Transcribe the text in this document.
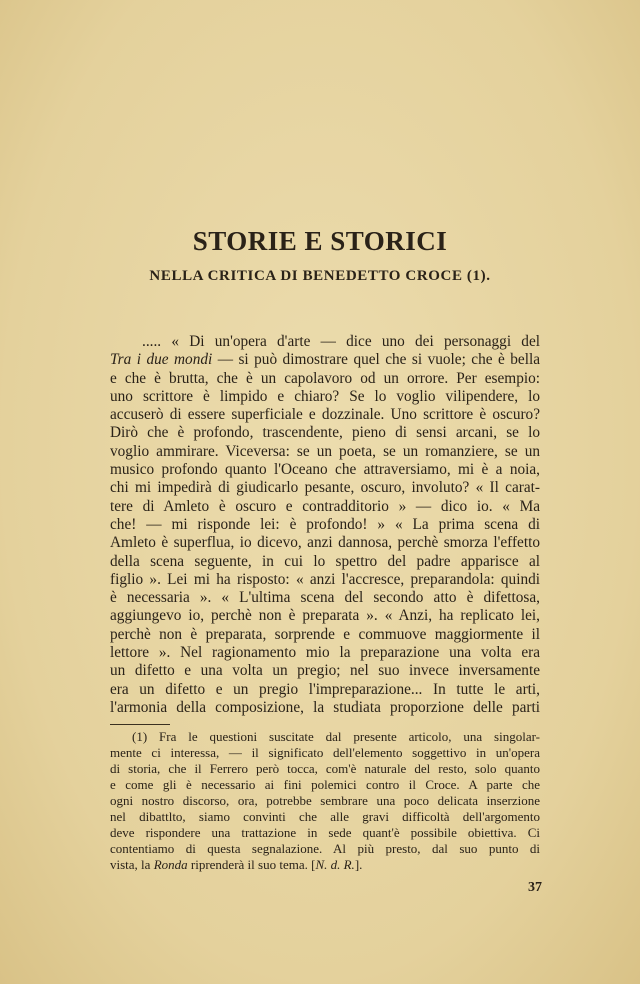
STORIE E STORICI
NELLA CRITICA DI BENEDETTO CROCE (1).
..... « Di un'opera d'arte — dice uno dei personaggi del
Tra i due mondi — si può dimostrare quel che si vuole; che è bella
e che è brutta, che è un capolavoro od un orrore. Per esempio:
uno scrittore è limpido e chiaro? Se lo voglio vilipendere, lo
accuserò di essere superficiale e dozzinale. Uno scrittore è oscuro?
Dirò che è profondo, trascendente, pieno di sensi arcani, se lo
voglio ammirare. Viceversa: se un poeta, se un romanziere, se un
musico profondo quanto l'Oceano che attraversiamo, mi è a noia,
chi mi impedirà di giudicarlo pesante, oscuro, involuto? « Il carat-
tere di Amleto è oscuro e contradditorio » — dico io. « Ma
che! — mi risponde lei: è profondo! » « La prima scena di
Amleto è superflua, io dicevo, anzi dannosa, perchè smorza l'effetto
della scena seguente, in cui lo spettro del padre apparisce al
figlio ». Lei mi ha risposto: « anzi l'accresce, preparandola: quindi
è necessaria ». « L'ultima scena del secondo atto è difettosa,
aggiungevo io, perchè non è preparata ». « Anzi, ha replicato lei,
perchè non è preparata, sorprende e commuove maggiormente il
lettore ». Nel ragionamento mio la preparazione una volta era
un difetto e una volta un pregio; nel suo invece inversamente
era un difetto e un pregio l'impreparazione... In tutte le arti,
l'armonia della composizione, la studiata proporzione delle parti
(1) Fra le questioni suscitate dal presente articolo, una singolar-
mente ci interessa, — il significato dell'elemento soggettivo in un'opera
di storia, che il Ferrero però tocca, com'è naturale del resto, solo quanto
e come gli è necessario ai fini polemici contro il Croce. A parte che
ogni nostro discorso, ora, potrebbe sembrare una poco delicata inserzione
nel dibattlto, siamo convinti che alle gravi difficoltà dell'argomento
deve rispondere una trattazione in sede quant'è possibile obiettiva. Ci
contentiamo di questa segnalazione. Al più presto, dal suo punto di
vista, la Ronda riprenderà il suo tema. [N. d. R.].
37
